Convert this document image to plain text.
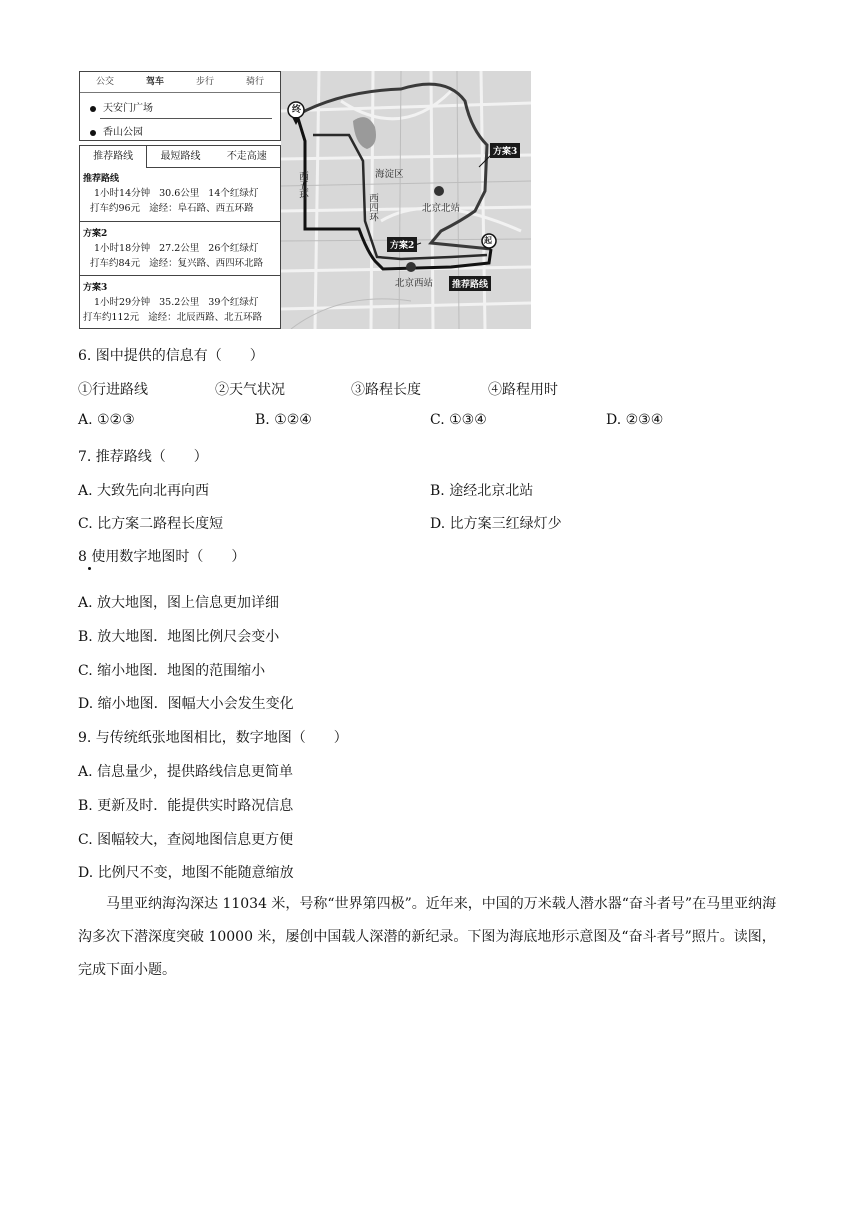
公交	驾车	步行	骑行
天安门广场
香山公园
推荐路线	最短路线	不走高速
推荐路线
1小时14分钟 30.6公里 14个红绿灯
打车约96元 途经：阜石路、西五环路
方案2
1小时18分钟 27.2公里 26个红绿灯
打车约84元 途经：复兴路、西四环北路
方案3
1小时29分钟 35.2公里 39个红绿灯
打车约112元 途经：北辰西路、北五环路
终
起
海淀区
北京北站
北京西站
西五环
西四环
方案3
方案2
推荐路线
6. 图中提供的信息有（　　）
①行进路线	②天气状况	③路程长度	④路程用时
A. ①②③	B. ①②④	C. ①③④	D. ②③④
7. 推荐路线（　　）
A. 大致先向北再向西	B. 途经北京北站
C. 比方案二路程长度短	D. 比方案三红绿灯少
8 使用数字地图时（　　）
A. 放大地图，图上信息更加详细
B. 放大地图．地图比例尺会变小
C. 缩小地图．地图的范围缩小
D. 缩小地图．图幅大小会发生变化
9. 与传统纸张地图相比，数字地图（　　）
A. 信息量少，提供路线信息更简单
B. 更新及时．能提供实时路况信息
C. 图幅较大，查阅地图信息更方便
D. 比例尺不变，地图不能随意缩放
马里亚纳海沟深达 11034 米，号称“世界第四极”。近年来，中国的万米载人潜水器“奋斗者号”在马里亚纳海沟多次下潜深度突破 10000 米，屡创中国载人深潜的新纪录。下图为海底地形示意图及“奋斗者号”照片。读图，完成下面小题。
